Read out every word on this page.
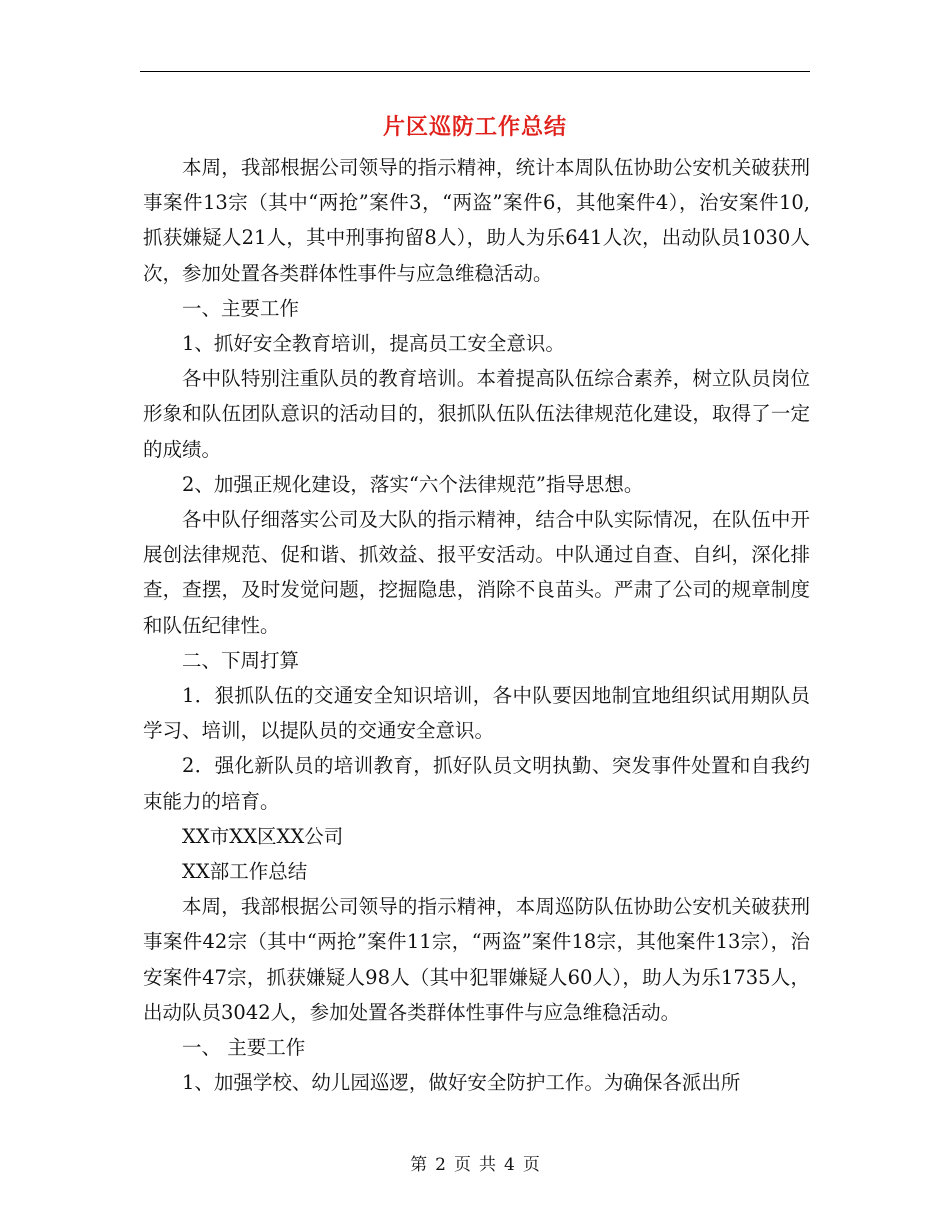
片区巡防工作总结

本周，我部根据公司领导的指示精神，统计本周队伍协助公安机关破获刑事案件13宗（其中“两抢”案件3，“两盗”案件6，其他案件4），治安案件10,抓获嫌疑人21人，其中刑事拘留8人），助人为乐641人次，出动队员1030人次，参加处置各类群体性事件与应急维稳活动。

一、主要工作

1、抓好安全教育培训，提高员工安全意识。

各中队特别注重队员的教育培训。本着提高队伍综合素养，树立队员岗位形象和队伍团队意识的活动目的，狠抓队伍队伍法律规范化建设，取得了一定的成绩。

2、加强正规化建设，落实“六个法律规范”指导思想。

各中队仔细落实公司及大队的指示精神，结合中队实际情况，在队伍中开展创法律规范、促和谐、抓效益、报平安活动。中队通过自查、自纠，深化排查，查摆，及时发觉问题，挖掘隐患，消除不良苗头。严肃了公司的规章制度和队伍纪律性。

二、下周打算

1．狠抓队伍的交通安全知识培训，各中队要因地制宜地组织试用期队员学习、培训，以提队员的交通安全意识。

2．强化新队员的培训教育，抓好队员文明执勤、突发事件处置和自我约束能力的培育。

XX市XX区XX公司

XX部工作总结

本周，我部根据公司领导的指示精神，本周巡防队伍协助公安机关破获刑事案件42宗（其中“两抢”案件11宗，“两盗”案件18宗，其他案件13宗），治安案件47宗，抓获嫌疑人98人（其中犯罪嫌疑人60人），助人为乐1735人，出动队员3042人，参加处置各类群体性事件与应急维稳活动。

一、 主要工作

1、加强学校、幼儿园巡逻，做好安全防护工作。为确保各派出所

第 2 页 共 4 页
